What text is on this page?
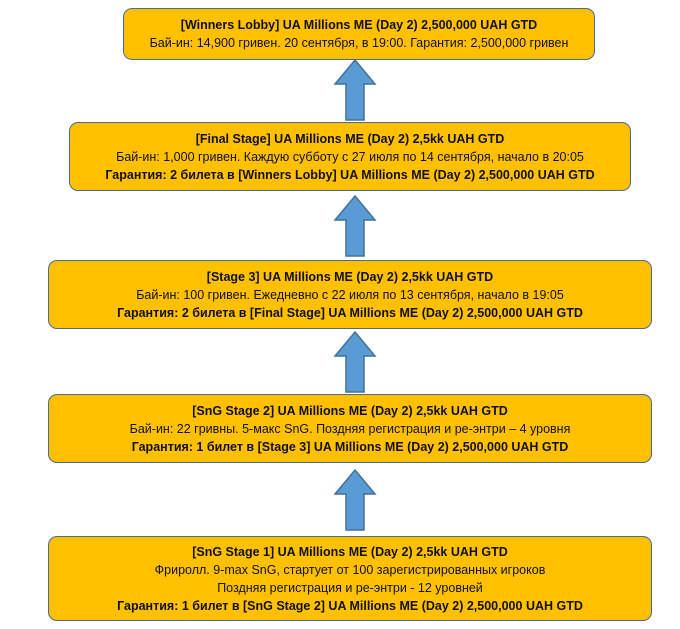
[Winners Lobby] UA Millions ME (Day 2) 2,500,000 UAH GTD
Бай-ин: 14,900 гривен. 20 сентября, в 19:00. Гарантия: 2,500,000 гривен
[Final Stage] UA Millions ME (Day 2) 2,5kk UAH GTD
Бай-ин: 1,000 гривен. Каждую субботу с 27 июля по 14 сентября, начало в 20:05
Гарантия: 2 билета в [Winners Lobby] UA Millions ME (Day 2) 2,500,000 UAH GTD
[Stage 3] UA Millions ME (Day 2) 2,5kk UAH GTD
Бай-ин: 100 гривен. Ежедневно с 22 июля по 13 сентября, начало в 19:05
Гарантия: 2 билета в [Final Stage] UA Millions ME (Day 2) 2,500,000 UAH GTD
[SnG Stage 2] UA Millions ME (Day 2) 2,5kk UAH GTD
Бай-ин: 22 гривны. 5-макс SnG. Поздняя регистрация и ре-энтри – 4 уровня
Гарантия: 1 билет в [Stage 3] UA Millions ME (Day 2) 2,500,000 UAH GTD
[SnG Stage 1] UA Millions ME (Day 2) 2,5kk UAH GTD
Фриролл. 9-max SnG, стартует от 100 зарегистрированных игроков
Поздняя регистрация и ре-энтри - 12 уровней
Гарантия: 1 билет в [SnG Stage 2] UA Millions ME (Day 2) 2,500,000 UAH GTD
